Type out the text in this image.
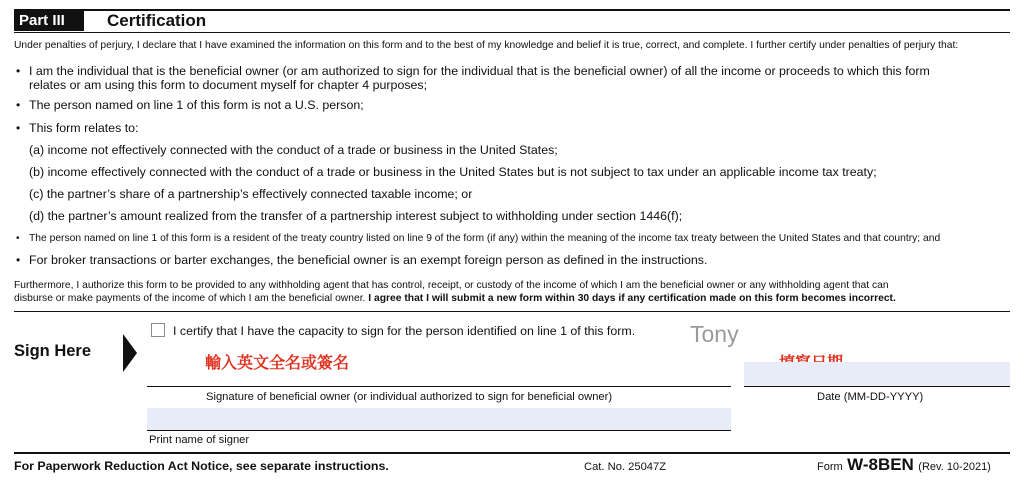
Part III	Certification
Under penalties of perjury, I declare that I have examined the information on this form and to the best of my knowledge and belief it is true, correct, and complete. I further certify under penalties of perjury that:
• I am the individual that is the beneficial owner (or am authorized to sign for the individual that is the beneficial owner) of all the income or proceeds to which this form
relates or am using this form to document myself for chapter 4 purposes;
• The person named on line 1 of this form is not a U.S. person;
• This form relates to:
(a) income not effectively connected with the conduct of a trade or business in the United States;
(b) income effectively connected with the conduct of a trade or business in the United States but is not subject to tax under an applicable income tax treaty;
(c) the partner’s share of a partnership’s effectively connected taxable income; or
(d) the partner’s amount realized from the transfer of a partnership interest subject to withholding under section 1446(f);
• The person named on line 1 of this form is a resident of the treaty country listed on line 9 of the form (if any) within the meaning of the income tax treaty between the United States and that country; and
• For broker transactions or barter exchanges, the beneficial owner is an exempt foreign person as defined in the instructions.
Furthermore, I authorize this form to be provided to any withholding agent that has control, receipt, or custody of the income of which I am the beneficial owner or any withholding agent that can
disburse or make payments of the income of which I am the beneficial owner. I agree that I will submit a new form within 30 days if any certification made on this form becomes incorrect.
Sign Here
I certify that I have the capacity to sign for the person identified on line 1 of this form. Tony
輸入英文全名或簽名
Signature of beneficial owner (or individual authorized to sign for beneficial owner)	Date (MM-DD-YYYY)
Print name of signer
For Paperwork Reduction Act Notice, see separate instructions.	Cat. No. 25047Z	Form W-8BEN (Rev. 10-2021)
